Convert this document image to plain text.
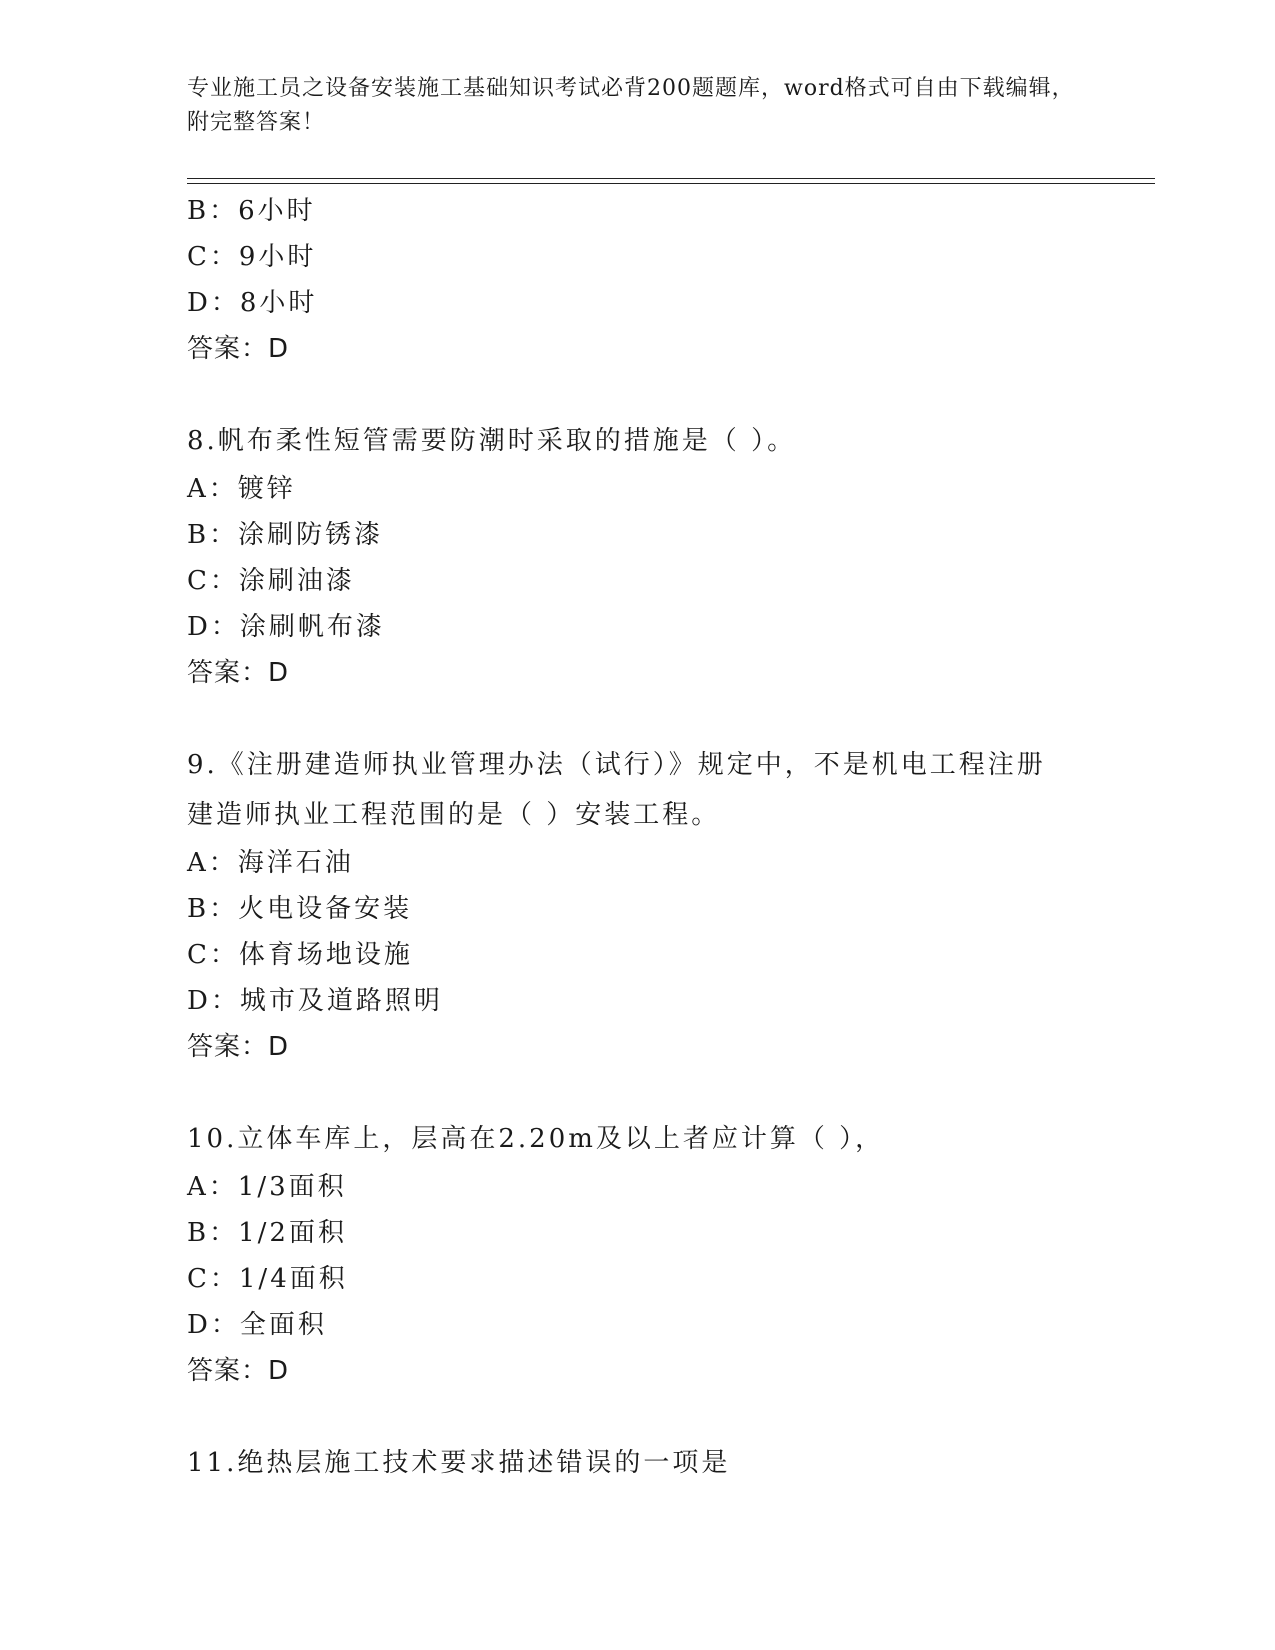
专业施工员之设备安装施工基础知识考试必背200题题库，word格式可自由下载编辑，附完整答案！
B：6小时
C：9小时
D：8小时
答案：D
8.帆布柔性短管需要防潮时采取的措施是（ ）。
A：镀锌
B：涂刷防锈漆
C：涂刷油漆
D：涂刷帆布漆
答案：D
9.《注册建造师执业管理办法（试行）》规定中，不是机电工程注册
建造师执业工程范围的是（ ）安装工程。
A：海洋石油
B：火电设备安装
C：体育场地设施
D：城市及道路照明
答案：D
10.立体车库上，层高在2.20m及以上者应计算（ ），
A：1/3面积
B：1/2面积
C：1/4面积
D：全面积
答案：D
11.绝热层施工技术要求描述错误的一项是
